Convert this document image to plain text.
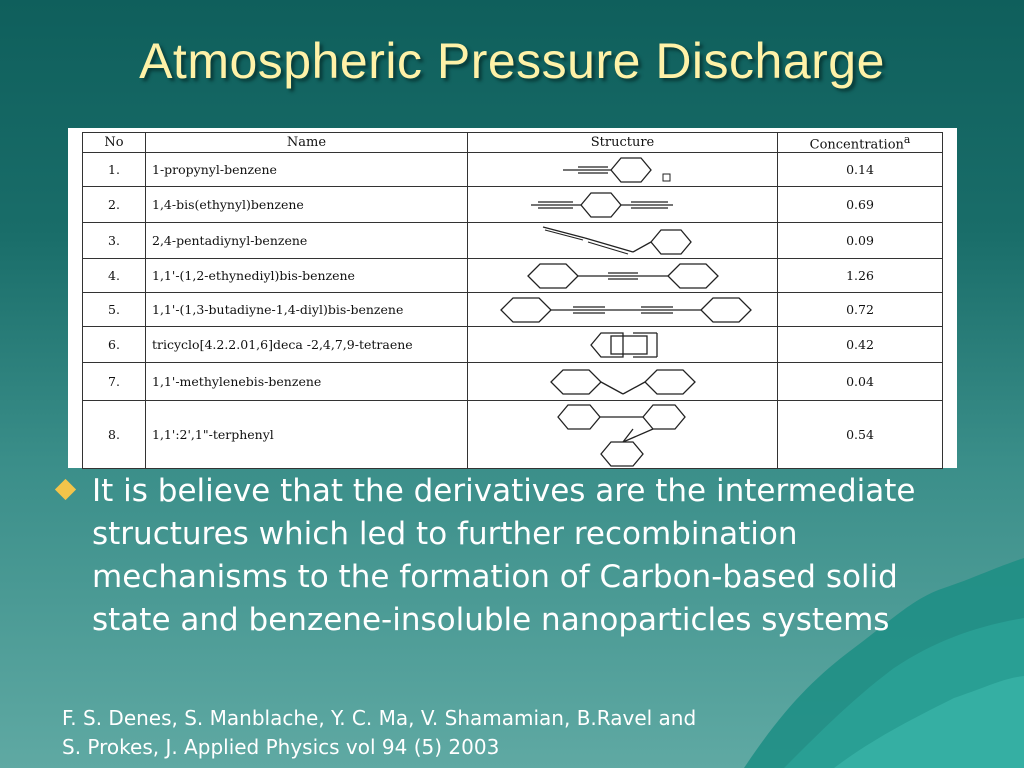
Atmospheric Pressure Discharge
No	Name	Structure	Concentration$^a$
1.	1-propynyl-benzene		0.14
2.	1,4-bis(ethynyl)benzene		0.69
3.	2,4-pentadiynyl-benzene		0.09
4.	1,1'-(1,2-ethynediyl)bis-benzene		1.26
5.	1,1'-(1,3-butadiyne-1,4-diyl)bis-benzene		0.72
6.	tricyclo[4.2.2.01,6]deca -2,4,7,9-tetraene		0.42
7.	1,1'-methylenebis-benzene		0.04
8.	1,1':2',1"-terphenyl		0.54
It is believe that the derivatives are the intermediate structures which led to further recombination mechanisms to the formation of Carbon-based solid state and benzene-insoluble nanoparticles systems
F. S. Denes, S. Manblache, Y. C. Ma, V. Shamamian, B.Ravel and
S. Prokes, J. Applied Physics vol 94 (5) 2003
